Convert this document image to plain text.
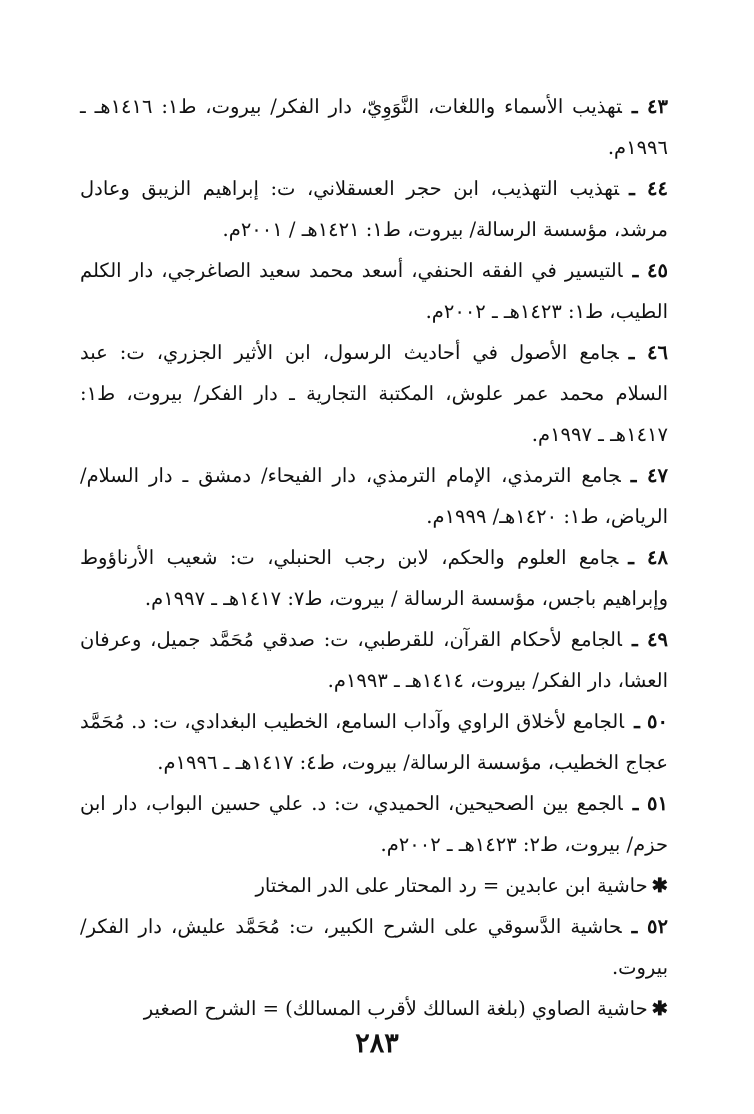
٤٣ ـتهذيب الأسماء واللغات، النَّوَوِيّ، دار الفكر/ بيروت، ط١: ١٤١٦هـ ـ ١٩٩٦م.

٤٤ ـتهذيب التهذيب، ابن حجر العسقلاني، ت: إبراهيم الزيبق وعادل مرشد، مؤسسة الرسالة/ بيروت، ط١: ١٤٢١هـ / ٢٠٠١م.

٤٥ ـالتيسير في الفقه الحنفي، أسعد محمد سعيد الصاغرجي، دار الكلم الطيب، ط١: ١٤٢٣هـ ـ ٢٠٠٢م.

٤٦ ـجامع الأصول في أحاديث الرسول، ابن الأثير الجزري، ت: عبد السلام محمد عمر علوش، المكتبة التجارية ـ دار الفكر/ بيروت، ط١: ١٤١٧هـ ـ ١٩٩٧م.

٤٧ ـجامع الترمذي، الإمام الترمذي، دار الفيحاء/ دمشق ـ دار السلام/ الرياض، ط١: ١٤٢٠هـ/ ١٩٩٩م.

٤٨ ـجامع العلوم والحكم، لابن رجب الحنبلي، ت: شعيب الأرناؤوط وإبراهيم باجس، مؤسسة الرسالة / بيروت، ط٧: ١٤١٧هـ ـ ١٩٩٧م.

٤٩ ـالجامع لأحكام القرآن، للقرطبي، ت: صدقي مُحَمَّد جميل، وعرفان العشا، دار الفكر/ بيروت، ١٤١٤هـ ـ ١٩٩٣م.

٥٠ ـالجامع لأخلاق الراوي وآداب السامع، الخطيب البغدادي، ت: د. مُحَمَّد عجاج الخطيب، مؤسسة الرسالة/ بيروت، ط٤: ١٤١٧هـ ـ ١٩٩٦م.

٥١ ـالجمع بين الصحيحين، الحميدي، ت: د. علي حسين البواب، دار ابن حزم/ بيروت، ط٢: ١٤٢٣هـ ـ ٢٠٠٢م.

✱حاشية ابن عابدين = رد المحتار على الدر المختار

٥٢ ـحاشية الدَّسوقي على الشرح الكبير، ت: مُحَمَّد عليش، دار الفكر/ بيروت.

✱حاشية الصاوي (بلغة السالك لأقرب المسالك) = الشرح الصغير

٢٨٣
